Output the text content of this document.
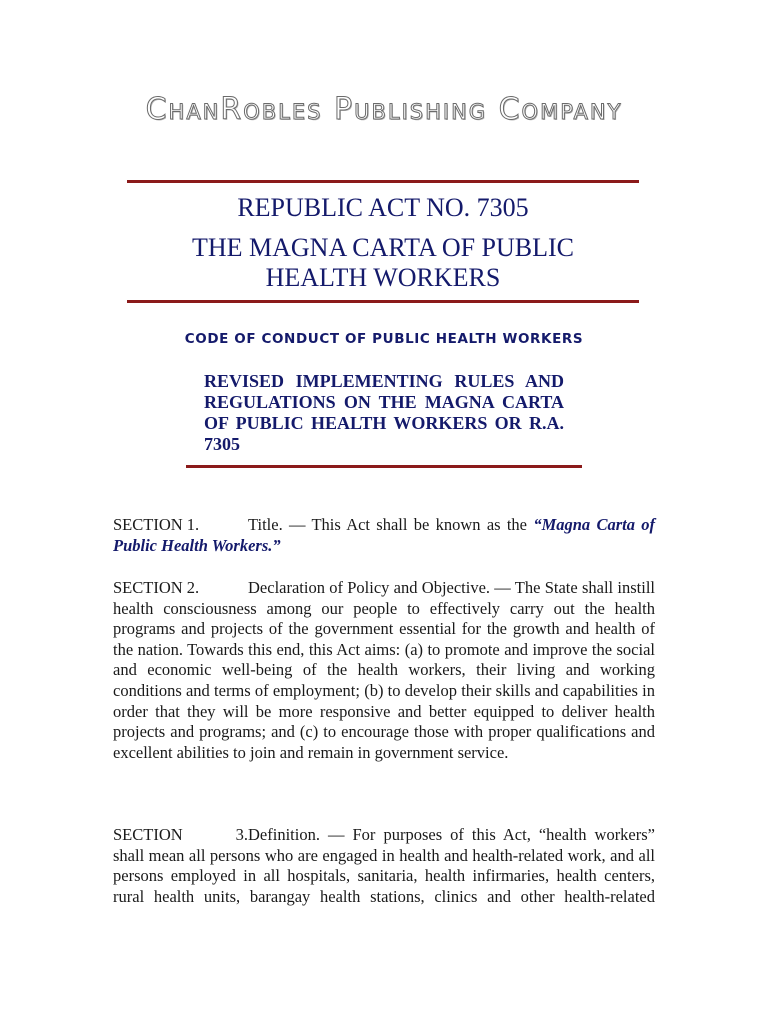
ChanRobles Publishing Company
REPUBLIC ACT NO. 7305
THE MAGNA CARTA OF PUBLIC
HEALTH WORKERS
CODE OF CONDUCT OF PUBLIC HEALTH WORKERS
REVISED IMPLEMENTING RULES AND REGULATIONS ON THE MAGNA CARTA OF PUBLIC HEALTH WORKERS OR R.A. 7305
SECTION 1.	Title. — This Act shall be known as the “Magna Carta of Public Health Workers.”
SECTION 2.	Declaration of Policy and Objective. — The State shall instill health consciousness among our people to effectively carry out the health programs and projects of the government essential for the growth and health of the nation. Towards this end, this Act aims: (a) to promote and improve the social and economic well-being of the health workers, their living and working conditions and terms of employment; (b) to develop their skills and capabilities in order that they will be more responsive and better equipped to deliver health projects and programs; and (c) to encourage those with proper qualifications and excellent abilities to join and remain in government service.
SECTION 3.Definition. — For purposes of this Act, “health workers” shall mean all persons who are engaged in health and health-related work, and all persons employed in all hospitals, sanitaria, health infirmaries, health centers, rural health units, barangay health stations, clinics and other health-related
